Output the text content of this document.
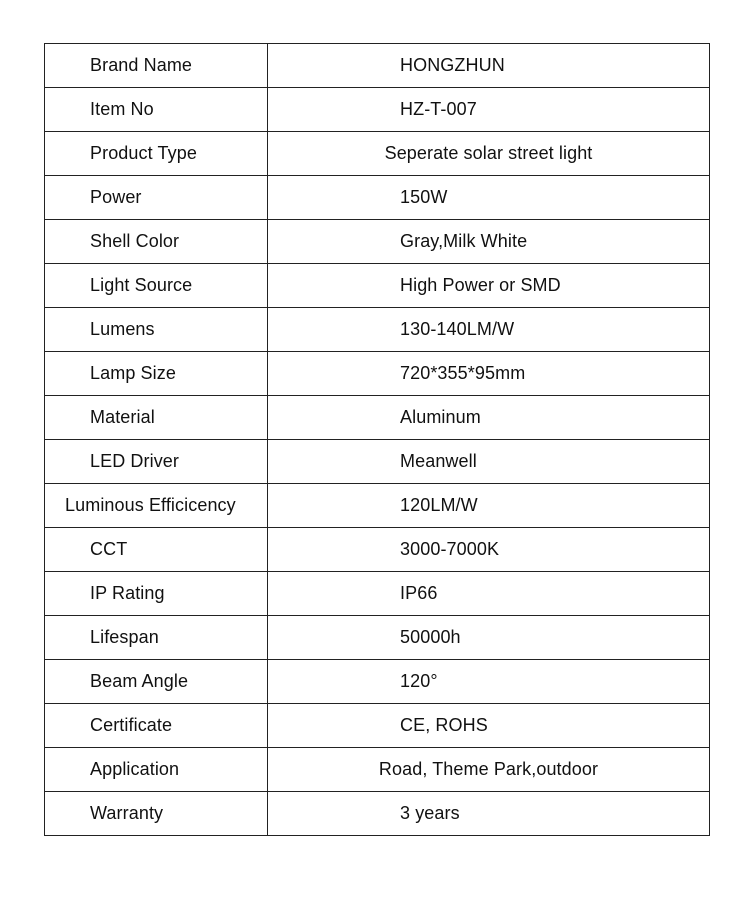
Brand Name	HONGZHUN
Item No	HZ-T-007
Product Type	Seperate solar street light
Power	150W
Shell Color	Gray,Milk White
Light Source	High Power or SMD
Lumens	130-140LM/W
Lamp Size	720*355*95mm
Material	Aluminum
LED Driver	Meanwell
Luminous Efficicency	120LM/W
CCT	3000-7000K
IP Rating	IP66
Lifespan	50000h
Beam Angle	120°
Certificate	CE, ROHS
Application	Road, Theme Park,outdoor
Warranty	3 years
